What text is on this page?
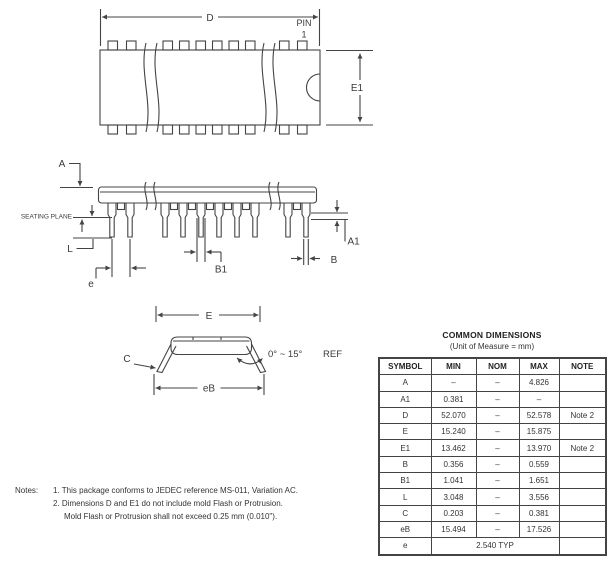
D	PIN
1
E1
A
SEATING PLANE
L
e
B1
B
A1
E
C	0° ~ 15° REF
eB
COMMON DIMENSIONS
(Unit of Measure = mm)
SYMBOL	MIN	NOM	MAX	NOTE
A	–	–	4.826	
A1	0.381	–	–	
D	52.070	–	52.578	Note 2
E	15.240	–	15.875	
E1	13.462	–	13.970	Note 2
B	0.356	–	0.559	
B1	1.041	–	1.651	
L	3.048	–	3.556	
C	0.203	–	0.381	
eB	15.494	–	17.526	
e	2.540 TYP			
Notes:	1. This package conforms to JEDEC reference MS-011, Variation AC.
2. Dimensions D and E1 do not include mold Flash or Protrusion.
Mold Flash or Protrusion shall not exceed 0.25 mm (0.010").
